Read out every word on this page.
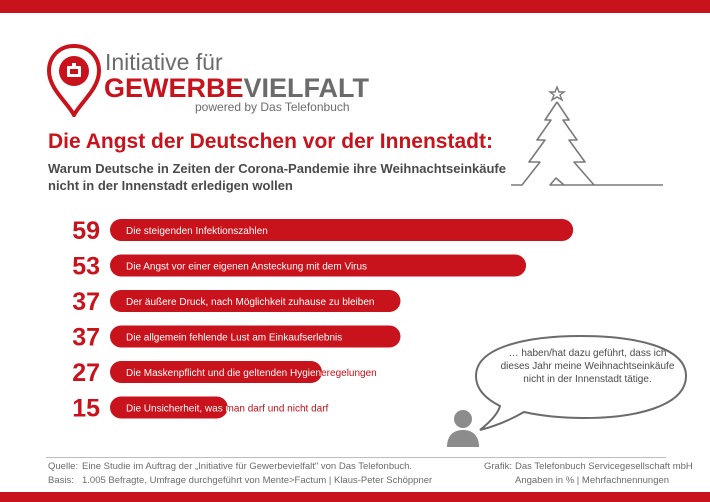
Initiative für
GEWERBEVIELFALT
powered by Das Telefonbuch
Die Angst der Deutschen vor der Innenstadt:
Warum Deutsche in Zeiten der Corona-Pandemie ihre Weihnachtseinkäufe nicht in der Innenstadt erledigen wollen
59	Die steigenden Infektionszahlen
53	Die Angst vor einer eigenen Ansteckung mit dem Virus
37	Der äußere Druck, nach Möglichkeit zuhause zu bleiben
37	Die allgemein fehlende Lust am Einkaufserlebnis
27	Die Maskenpflicht und die geltenden Hygieneregelungen
15	Die Unsicherheit, was man darf und nicht darf
… haben/hat dazu geführt, dass ich dieses Jahr meine Weihnachtseinkäufe nicht in der Innenstadt tätige.
Quelle: Eine Studie im Auftrag der „Initiative für Gewerbevielfalt" von Das Telefonbuch.
Basis: 1.005 Befragte, Umfrage durchgeführt von Mente>Factum | Klaus-Peter Schöppner
Grafik: Das Telefonbuch Servicegesellschaft mbH
Angaben in % | Mehrfachnennungen
